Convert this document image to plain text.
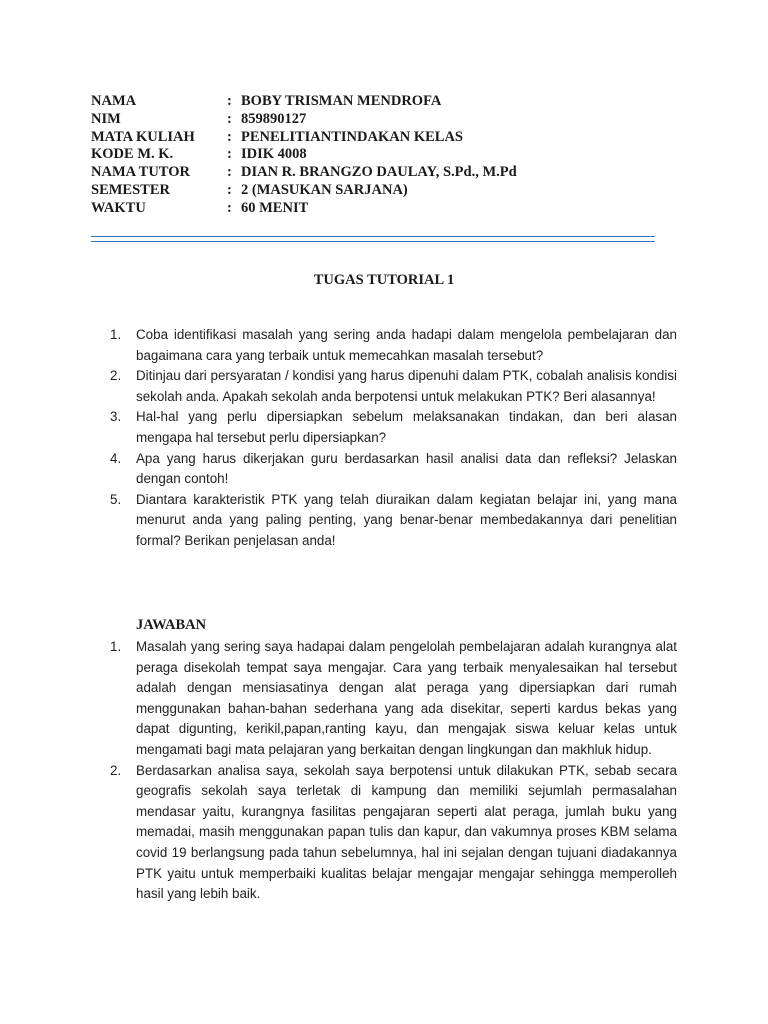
NAMA	: BOBY TRISMAN MENDROFA
NIM	: 859890127
MATA KULIAH	: PENELITIANTINDAKAN KELAS
KODE M. K.	: IDIK 4008
NAMA TUTOR	: DIAN R. BRANGZO DAULAY, S.Pd., M.Pd
SEMESTER	: 2 (MASUKAN SARJANA)
WAKTU	: 60 MENIT
TUGAS TUTORIAL 1
1.	Coba identifikasi masalah yang sering anda hadapi dalam mengelola pembelajaran dan bagaimana cara yang terbaik untuk memecahkan masalah tersebut?
2.	Ditinjau dari persyaratan / kondisi yang harus dipenuhi dalam PTK, cobalah analisis kondisi sekolah anda. Apakah sekolah anda berpotensi untuk melakukan PTK? Beri alasannya!
3.	Hal-hal yang perlu dipersiapkan sebelum melaksanakan tindakan, dan beri alasan mengapa hal tersebut perlu dipersiapkan?
4.	Apa yang harus dikerjakan guru berdasarkan hasil analisi data dan refleksi? Jelaskan dengan contoh!
5.	Diantara karakteristik PTK yang telah diuraikan dalam kegiatan belajar ini, yang mana menurut anda yang paling penting, yang benar-benar membedakannya dari penelitian formal? Berikan penjelasan anda!
JAWABAN
1.	Masalah yang sering saya hadapai dalam pengelolah pembelajaran adalah kurangnya alat peraga disekolah tempat saya mengajar. Cara yang terbaik menyalesaikan hal tersebut adalah dengan mensiasatinya dengan alat peraga yang dipersiapkan dari rumah menggunakan bahan-bahan sederhana yang ada disekitar, seperti kardus bekas yang dapat digunting, kerikil,papan,ranting kayu, dan mengajak siswa keluar kelas untuk mengamati bagi mata pelajaran yang berkaitan dengan lingkungan dan makhluk hidup.
2.	Berdasarkan analisa saya, sekolah saya berpotensi untuk dilakukan PTK, sebab secara geografis sekolah saya terletak di kampung dan memiliki sejumlah permasalahan mendasar yaitu, kurangnya fasilitas pengajaran seperti alat peraga, jumlah buku yang memadai, masih menggunakan papan tulis dan kapur, dan vakumnya proses KBM selama covid 19 berlangsung pada tahun sebelumnya, hal ini sejalan dengan tujuani diadakannya PTK yaitu untuk memperbaiki kualitas belajar mengajar mengajar sehingga memperolleh hasil yang lebih baik.
